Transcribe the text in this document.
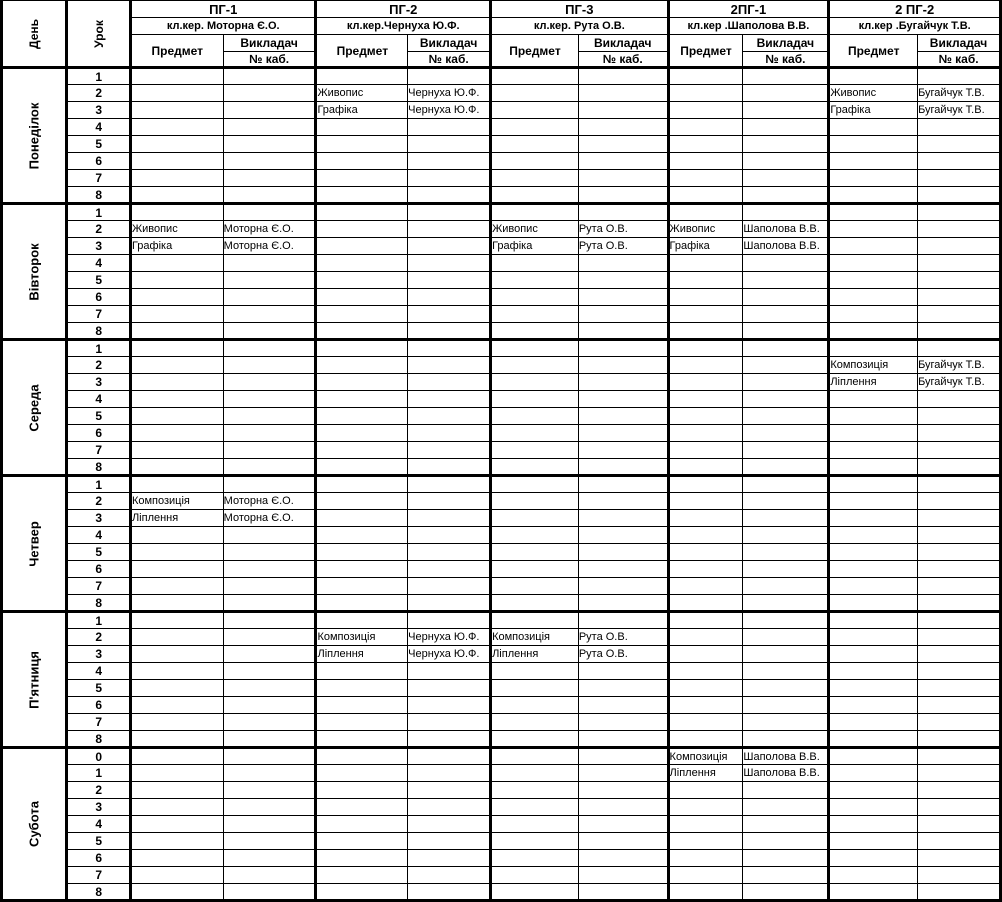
День	Урок	ПГ-1		ПГ-2		ПГ-3		2ПГ-1		2 ПГ-2	
		кл.кер. Моторна Є.О.		кл.кер.Чернуха Ю.Ф.		кл.кер. Рута О.В.		кл.кер .Шаполова В.В.		кл.кер .Бугайчук Т.В.	
		Предмет	Викладач	Предмет	Викладач	Предмет	Викладач	Предмет	Викладач	Предмет	Викладач
			№ каб.		№ каб.		№ каб.		№ каб.		№ каб.

Понеділок	1										
	2			Живопис	Чернуха Ю.Ф.					Живопис	Бугайчук Т.В.
	3			Графіка	Чернуха Ю.Ф.					Графіка	Бугайчук Т.В.
	4										
	5										
	6										
	7										
	8										

Вівторок	1										
	2	Живопис	Моторна Є.О.			Живопис	Рута О.В.	Живопис	Шаполова В.В.		
	3	Графіка	Моторна Є.О.			Графіка	Рута О.В.	Графіка	Шаполова В.В.		
	4										
	5										
	6										
	7										
	8										

Середа	1										
	2									Композиція	Бугайчук Т.В.
	3									Ліплення	Бугайчук Т.В.
	4										
	5										
	6										
	7										
	8										

Четвер	1										
	2	Композиція	Моторна Є.О.								
	3	Ліплення	Моторна Є.О.								
	4										
	5										
	6										
	7										
	8										

П'ятниця	1										
	2			Композиція	Чернуха Ю.Ф.	Композиція	Рута О.В.				
	3			Ліплення	Чернуха Ю.Ф.	Ліплення	Рута О.В.				
	4										
	5										
	6										
	7										
	8										

Субота	0							Композиція	Шаполова В.В.		
	1							Ліплення	Шаполова В.В.		
	2										
	3										
	4										
	5										
	6										
	7										
	8										
